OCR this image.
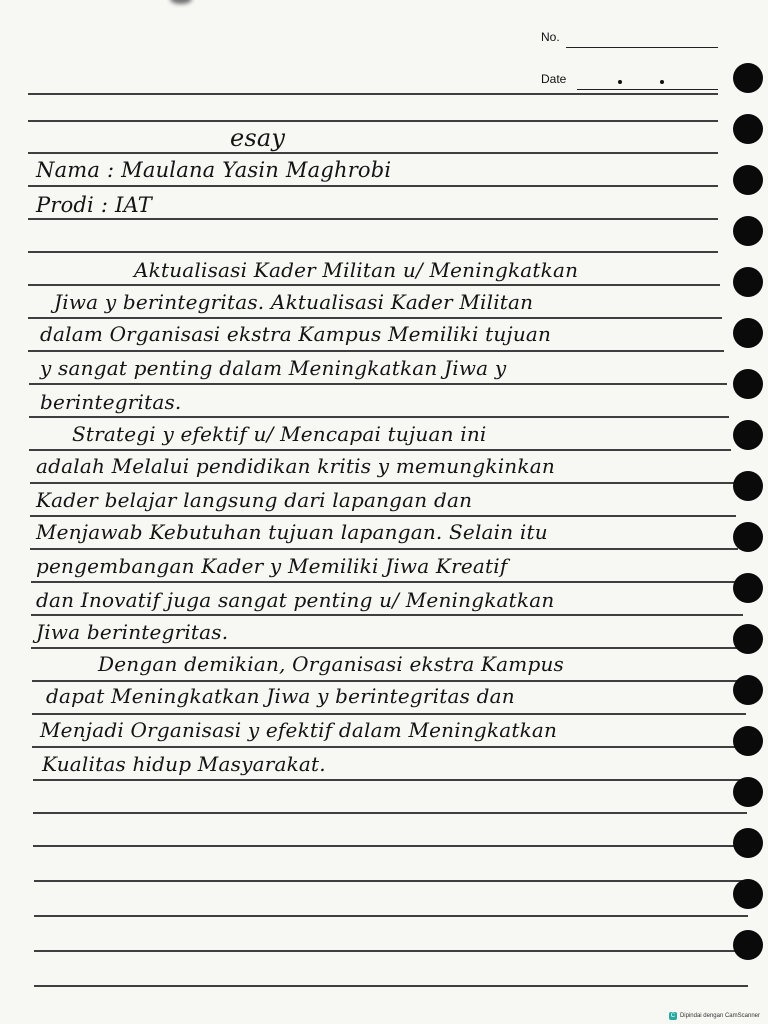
No.
Date
esay
Nama : Maulana Yasin Maghrobi
Prodi : IAT
Aktualisasi Kader Militan u/ Meningkatkan
Jiwa y berintegritas. Aktualisasi Kader Militan
dalam Organisasi ekstra Kampus Memiliki tujuan
y sangat penting dalam Meningkatkan Jiwa y
berintegritas.
Strategi y efektif u/ Mencapai tujuan ini
adalah Melalui pendidikan kritis y memungkinkan
Kader belajar langsung dari lapangan dan
Menjawab Kebutuhan tujuan lapangan. Selain itu
pengembangan Kader y Memiliki Jiwa Kreatif
dan Inovatif juga sangat penting u/ Meningkatkan
Jiwa berintegritas.
Dengan demikian, Organisasi ekstra Kampus
dapat Meningkatkan Jiwa y berintegritas dan
Menjadi Organisasi y efektif dalam Meningkatkan
Kualitas hidup Masyarakat.
C Dipindai dengan CamScanner
